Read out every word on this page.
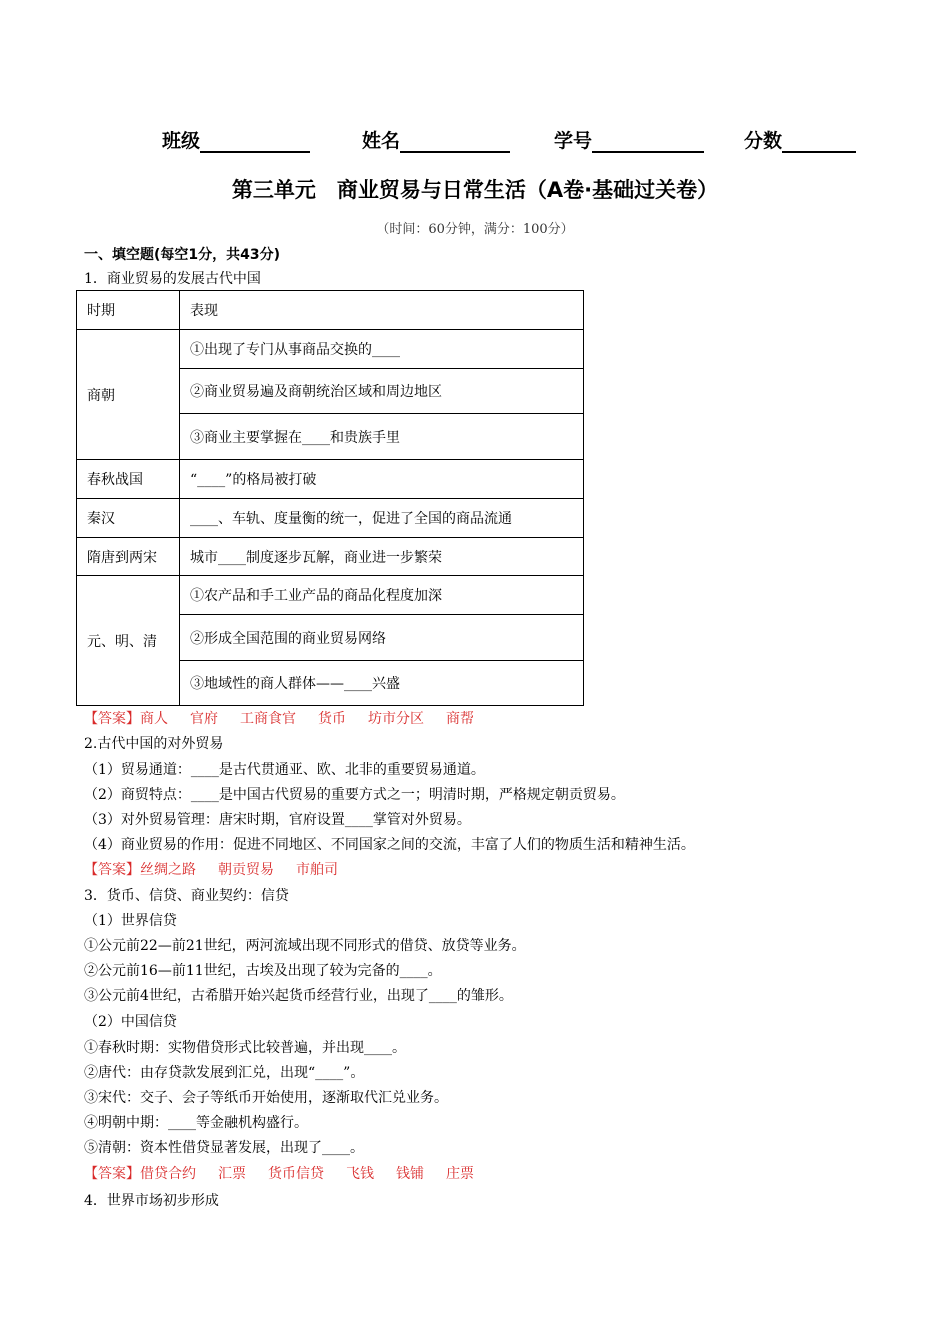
班级	姓名	学号	分数
第三单元　商业贸易与日常生活（A卷·基础过关卷）
（时间：60分钟，满分：100分）
一、填空题(每空1分，共43分)
1．商业贸易的发展古代中国
时期	表现
商朝	①出现了专门从事商品交换的____
	②商业贸易遍及商朝统治区域和周边地区
	③商业主要掌握在____和贵族手里
春秋战国	“____”的格局被打破
秦汉	____、车轨、度量衡的统一，促进了全国的商品流通
隋唐到两宋	城市____制度逐步瓦解，商业进一步繁荣
元、明、清	①农产品和手工业产品的商品化程度加深
	②形成全国范围的商业贸易网络
	③地域性的商人群体——____兴盛
【答案】商人 官府 工商食官 货币 坊市分区 商帮
2.古代中国的对外贸易
（1）贸易通道：____是古代贯通亚、欧、北非的重要贸易通道。
（2）商贸特点：____是中国古代贸易的重要方式之一；明清时期，严格规定朝贡贸易。
（3）对外贸易管理：唐宋时期，官府设置____掌管对外贸易。
（4）商业贸易的作用：促进不同地区、不同国家之间的交流，丰富了人们的物质生活和精神生活。
【答案】丝绸之路 朝贡贸易 市舶司
3．货币、信贷、商业契约：信贷
（1）世界信贷
①公元前22—前21世纪，两河流域出现不同形式的借贷、放贷等业务。
②公元前16—前11世纪，古埃及出现了较为完备的____。
③公元前4世纪，古希腊开始兴起货币经营行业，出现了____的雏形。
（2）中国信贷
①春秋时期：实物借贷形式比较普遍，并出现____。
②唐代：由存贷款发展到汇兑，出现“____”。
③宋代：交子、会子等纸币开始使用，逐渐取代汇兑业务。
④明朝中期：____等金融机构盛行。
⑤清朝：资本性借贷显著发展，出现了____。
【答案】借贷合约 汇票 货币信贷 飞钱 钱铺 庄票
4．世界市场初步形成
